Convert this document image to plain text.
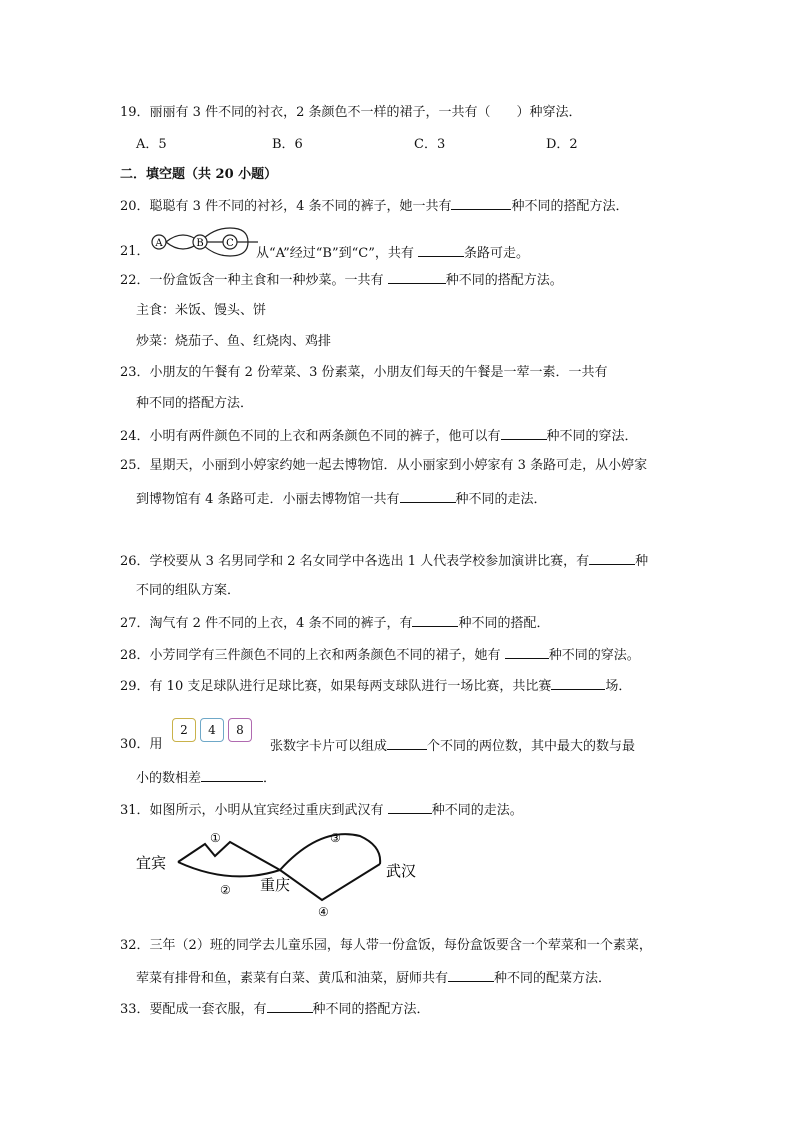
19．丽丽有 3 件不同的衬衣，2 条颜色不一样的裙子，一共有（　　）种穿法．
A．5	B．6	C．3	D．2
二．填空题（共 20 小题）
20．聪聪有 3 件不同的衬衫，4 条不同的裤子，她一共有	种不同的搭配方法．
21．
A	B C
从“A”经过“B”到“C”，共有	条路可走。
22．一份盒饭含一种主食和一种炒菜。一共有	种不同的搭配方法。
主食：米饭、馒头、饼
炒菜：烧茄子、鱼、红烧肉、鸡排
23．小朋友的午餐有 2 份荤菜、3 份素菜，小朋友们每天的午餐是一荤一素．一共有
种不同的搭配方法．
24．小明有两件颜色不同的上衣和两条颜色不同的裤子，他可以有	种不同的穿法．
25．星期天，小丽到小婷家约她一起去博物馆．从小丽家到小婷家有 3 条路可走，从小婷家
到博物馆有 4 条路可走．小丽去博物馆一共有	种不同的走法．
26．学校要从 3 名男同学和 2 名女同学中各选出 1 人代表学校参加演讲比赛，有	种
不同的组队方案．
27．淘气有 2 件不同的上衣，4 条不同的裤子，有	种不同的搭配．
28．小芳同学有三件颜色不同的上衣和两条颜色不同的裙子，她有	种不同的穿法。
29．有 10 支足球队进行足球比赛，如果每两支球队进行一场比赛，共比赛	场．
30．用
2 4 8
张数字卡片可以组成	个不同的两位数，其中最大的数与最
小的数相差	．
31．如图所示，小明从宜宾经过重庆到武汉有	种不同的走法。
宜宾
重庆
武汉
①
②
③
④
32．三年（2）班的同学去儿童乐园，每人带一份盒饭，每份盒饭要含一个荤菜和一个素菜，
荤菜有排骨和鱼，素菜有白菜、黄瓜和油菜，厨师共有	种不同的配菜方法．
33．要配成一套衣服，有	种不同的搭配方法．
